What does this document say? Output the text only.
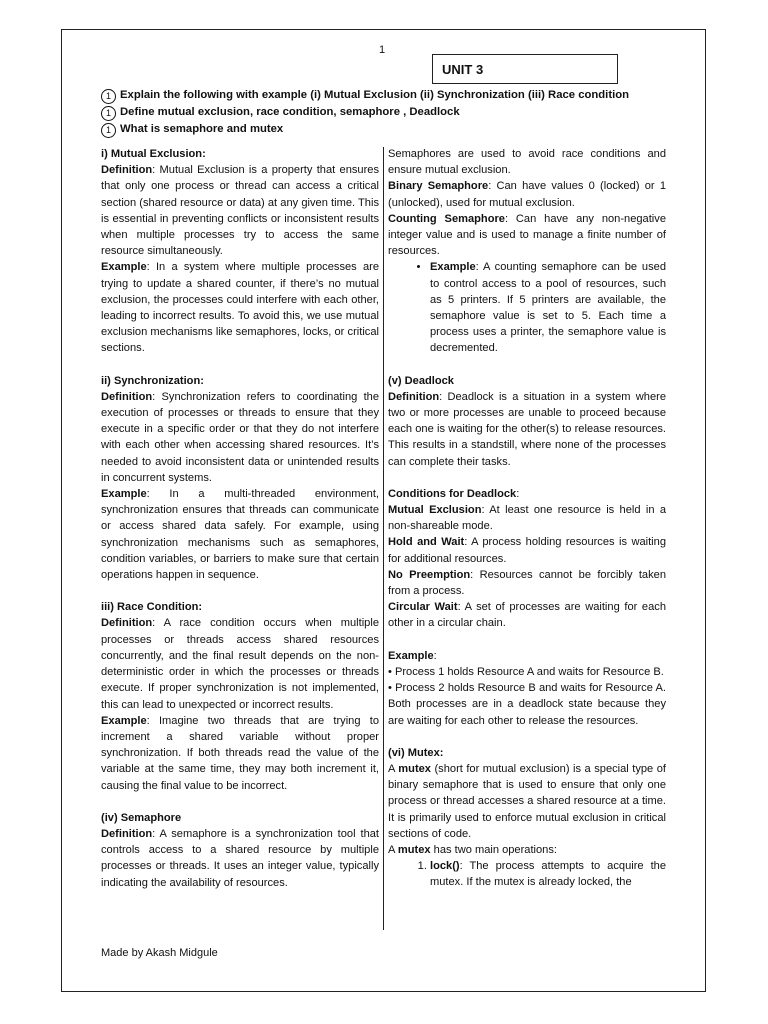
1
UNIT 3
1 Explain the following with example (i) Mutual Exclusion (ii) Synchronization (iii) Race condition
1 Define mutual exclusion, race condition, semaphore , Deadlock
1 What is semaphore and mutex

i) Mutual Exclusion:

Definition: Mutual Exclusion is a property that ensures that only one process or thread can access a critical section (shared resource or data) at any given time. This is essential in preventing conflicts or inconsistent results when multiple processes try to access the same resource simultaneously.

Example: In a system where multiple processes are trying to update a shared counter, if there’s no mutual exclusion, the processes could interfere with each other, leading to incorrect results. To avoid this, we use mutual exclusion mechanisms like semaphores, locks, or critical sections.

ii) Synchronization:

Definition: Synchronization refers to coordinating the execution of processes or threads to ensure that they execute in a specific order or that they do not interfere with each other when accessing shared resources. It’s needed to avoid inconsistent data or unintended results in concurrent systems.

Example: In a multi-threaded environment, synchronization ensures that threads can communicate or access shared data safely. For example, using synchronization mechanisms such as semaphores, condition variables, or barriers to make sure that certain operations happen in sequence.

iii) Race Condition:

Definition: A race condition occurs when multiple processes or threads access shared resources concurrently, and the final result depends on the non-deterministic order in which the processes or threads execute. If proper synchronization is not implemented, this can lead to unexpected or incorrect results.

Example: Imagine two threads that are trying to increment a shared variable without proper synchronization. If both threads read the value of the variable at the same time, they may both increment it, causing the final value to be incorrect.

(iv) Semaphore

Definition: A semaphore is a synchronization tool that controls access to a shared resource by multiple processes or threads. It uses an integer value, typically indicating the availability of resources.

Semaphores are used to avoid race conditions and ensure mutual exclusion.

Binary Semaphore: Can have values 0 (locked) or 1 (unlocked), used for mutual exclusion.

Counting Semaphore: Can have any non-negative integer value and is used to manage a finite number of resources.

• Example: A counting semaphore can be used to control access to a pool of resources, such as 5 printers. If 5 printers are available, the semaphore value is set to 5. Each time a process uses a printer, the semaphore value is decremented.

(v) Deadlock

Definition: Deadlock is a situation in a system where two or more processes are unable to proceed because each one is waiting for the other(s) to release resources. This results in a standstill, where none of the processes can complete their tasks.

Conditions for Deadlock:

Mutual Exclusion: At least one resource is held in a non-shareable mode.

Hold and Wait: A process holding resources is waiting for additional resources.

No Preemption: Resources cannot be forcibly taken from a process.

Circular Wait: A set of processes are waiting for each other in a circular chain.

Example:

• Process 1 holds Resource A and waits for Resource B.

• Process 2 holds Resource B and waits for Resource A. Both processes are in a deadlock state because they are waiting for each other to release the resources.

(vi) Mutex:

A mutex (short for mutual exclusion) is a special type of binary semaphore that is used to ensure that only one process or thread accesses a shared resource at a time. It is primarily used to enforce mutual exclusion in critical sections of code.

A mutex has two main operations:

1. lock(): The process attempts to acquire the mutex. If the mutex is already locked, the
Made by Akash Midgule
